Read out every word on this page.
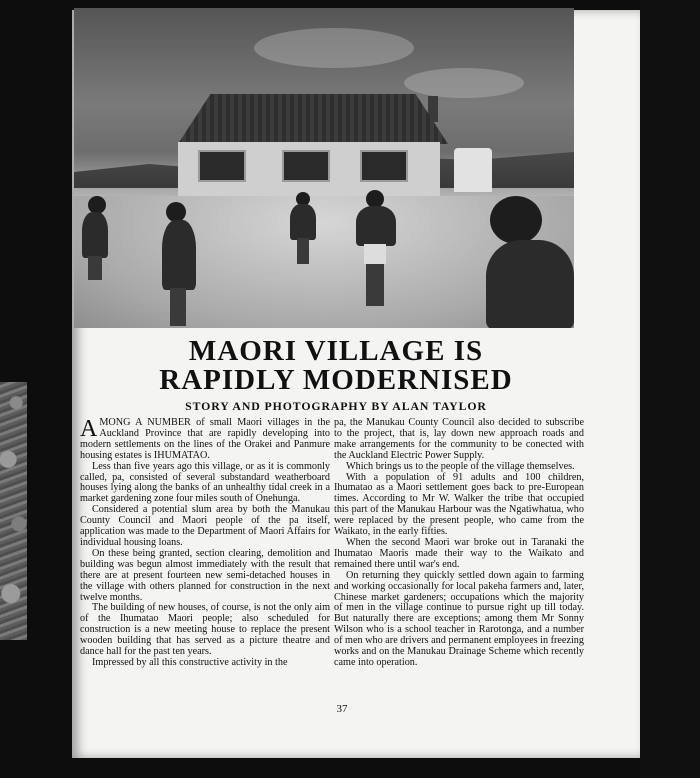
MAORI VILLAGE IS
RAPIDLY MODERNISED
STORY AND PHOTOGRAPHY BY ALAN TAYLOR

AMONG A NUMBER of small Maori villages in the Auckland Province that are rapidly developing into modern settlements on the lines of the Orakei and Panmure housing estates is IHUMATAO.

Less than five years ago this village, or as it is commonly called, pa, consisted of several substandard weatherboard houses lying along the banks of an unhealthy tidal creek in a market gardening zone four miles south of Onehunga.

Considered a potential slum area by both the Manukau County Council and Maori people of the pa itself, application was made to the Department of Maori Affairs for individual housing loans.

On these being granted, section clearing, demolition and building was begun almost immediately with the result that there are at present fourteen new semi-detached houses in the village with others planned for construction in the next twelve months.

The building of new houses, of course, is not the only aim of the Ihumatao Maori people; also scheduled for construction is a new meeting house to replace the present wooden building that has served as a picture theatre and dance hall for the past ten years.

Impressed by all this constructive activity in the

pa, the Manukau County Council also decided to subscribe to the project, that is, lay down new approach roads and make arrangements for the community to be conected with the Auckland Electric Power Supply.

Which brings us to the people of the village themselves.

With a population of 91 adults and 100 children, Ihumatao as a Maori settlement goes back to pre-European times. According to Mr W. Walker the tribe that occupied this part of the Manukau Harbour was the Ngatiwhatua, who were replaced by the present people, who came from the Waikato, in the early fifties.

When the second Maori war broke out in Taranaki the Ihumatao Maoris made their way to the Waikato and remained there until war's end.

On returning they quickly settled down again to farming and working occasionally for local pakeha farmers and, later, Chinese market gardeners; occupations which the majority of men in the village continue to pursue right up till today. But naturally there are exceptions; among them Mr Sonny Wilson who is a school teacher in Rarotonga, and a number of men who are drivers and permanent employees in freezing works and on the Manukau Drainage Scheme which recently came into operation.

37
